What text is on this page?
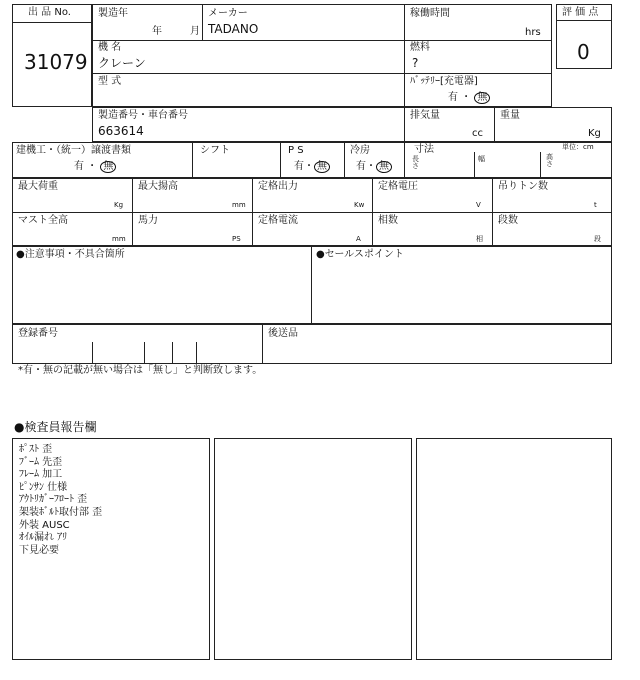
出 品 No.
31079
製造年
年	月
メーカー
TADANO
稼働時間
hrs
評 価 点
0
機 名
クレーン
燃料
?
型 式	ﾊﾞｯﾃﾘｰ[充電器]
有 ・ 無
製造番号・車台番号
663614
排気量
cc
重量
Kg
建機工・（統一）譲渡書類
有 ・ 無
シフト	P S
有・ 無
冷房
有・ 無
寸法	単位：cm
長さ
幅	高さ
最大荷重
Kg
最大揚高
mm
定格出力
Kw
定格電圧
V
吊りトン数
t
マスト全高
mm
馬力
PS
定格電流
A
相数
相
段数
段
●注意事項・不具合箇所	●セールスポイント
登録番号	後送品
*有・無の記載が無い場合は「無し」と判断致します。
●検査員報告欄
ﾎﾟｽﾄ 歪
ﾌﾞｰﾑ 先歪
ﾌﾚｰﾑ 加工
ﾋﾟﾝｻﾝ 仕様
ｱｳﾄﾘｶﾞｰﾌﾛｰﾄ 歪
架装ﾎﾞﾙﾄ取付部 歪
外装 AUSC
ｵｲﾙ漏れ ｱﾘ
下見必要
